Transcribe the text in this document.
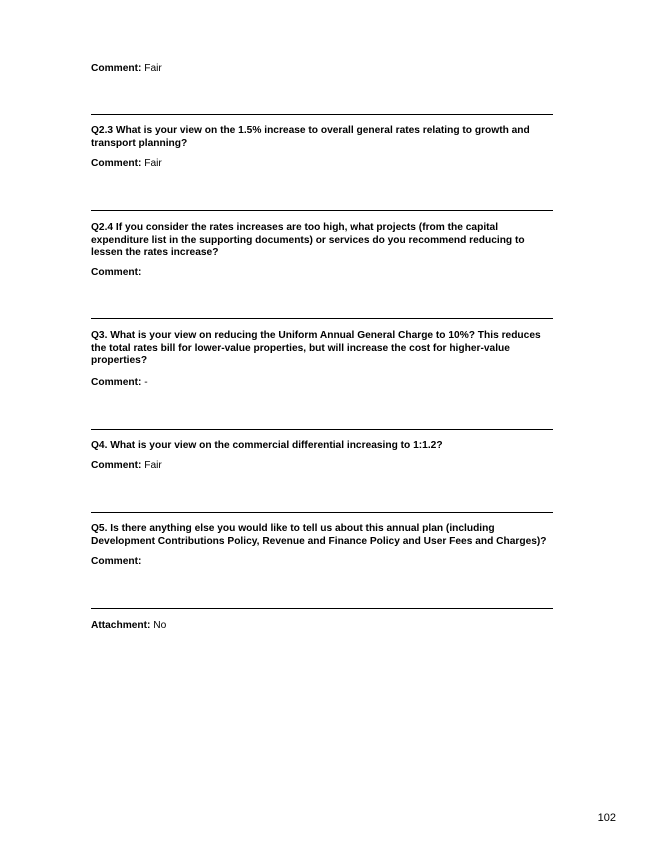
Comment: Fair

Q2.3 What is your view on the 1.5% increase to overall general rates relating to growth and transport planning?

Comment: Fair

Q2.4 If you consider the rates increases are too high, what projects (from the capital expenditure list in the supporting documents) or services do you recommend reducing to lessen the rates increase?

Comment:

Q3. What is your view on reducing the Uniform Annual General Charge to 10%? This reduces the total rates bill for lower-value properties, but will increase the cost for higher-value properties?

Comment: -

Q4. What is your view on the commercial differential increasing to 1:1.2?

Comment: Fair

Q5. Is there anything else you would like to tell us about this annual plan (including Development Contributions Policy, Revenue and Finance Policy and User Fees and Charges)?

Comment:

Attachment: No

102
